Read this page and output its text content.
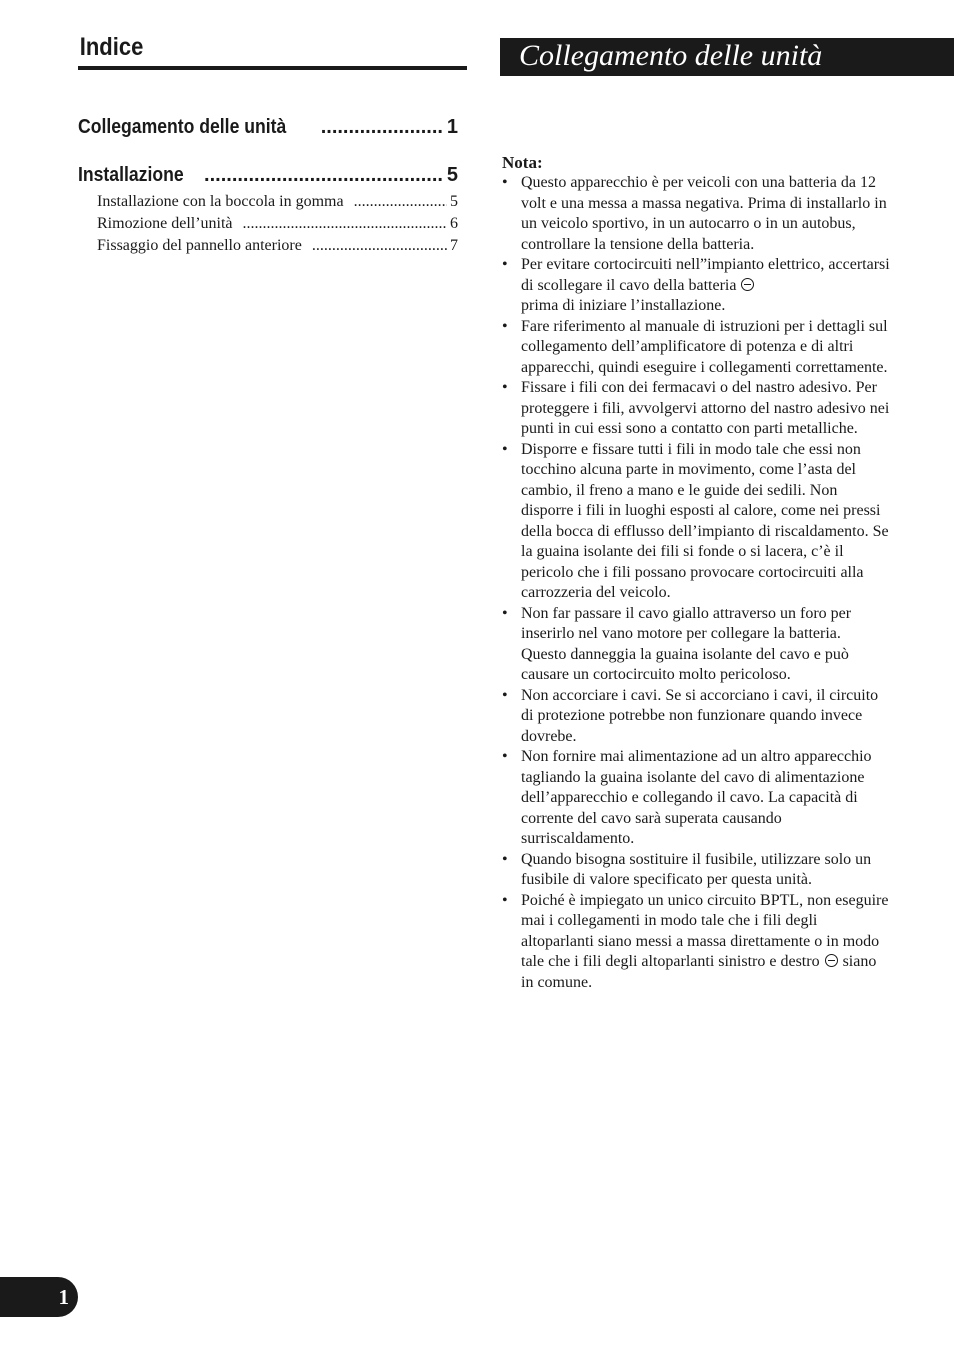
Indice
Collegamento delle unità .....	1
Installazione .....	5
Installazione con la boccola in gomma .....	5
Rimozione dell’unità .....	6
Fissaggio del pannello anteriore .....	7
Collegamento delle unità
Nota:
• Questo apparecchio è per veicoli con una batteria da 12 volt e una messa a massa negativa. Prima di installarlo in un veicolo sportivo, in un autocarro o in un autobus, controllare la tensione della batteria.
• Per evitare cortocircuiti nell”impianto elettrico, accertarsi di scollegare il cavo della batteria
prima di iniziare l’installazione.
• Fare riferimento al manuale di istruzioni per i dettagli sul collegamento dell’amplificatore di potenza e di altri apparecchi, quindi eseguire i collegamenti correttamente.
• Fissare i fili con dei fermacavi o del nastro adesivo. Per proteggere i fili, avvolgervi attorno del nastro adesivo nei punti in cui essi sono a contatto con parti metalliche.
• Disporre e fissare tutti i fili in modo tale che essi non tocchino alcuna parte in movimento, come l’asta del cambio, il freno a mano e le guide dei sedili. Non disporre i fili in luoghi esposti al calore, come nei pressi della bocca di efflusso dell’impianto di riscaldamento. Se la guaina isolante dei fili si fonde o si lacera, c’è il pericolo che i fili possano provocare cortocircuiti alla carrozzeria del veicolo.
• Non far passare il cavo giallo attraverso un foro per inserirlo nel vano motore per collegare la batteria. Questo danneggia la guaina isolante del cavo e può causare un cortocircuito molto pericoloso.
• Non accorciare i cavi. Se si accorciano i cavi, il circuito di protezione potrebbe non funzionare quando invece dovrebe.
• Non fornire mai alimentazione ad un altro apparecchio tagliando la guaina isolante del cavo di alimentazione dell’apparecchio e collegando il cavo. La capacità di corrente del cavo sarà superata causando surriscaldamento.
• Quando bisogna sostituire il fusibile, utilizzare solo un fusibile di valore specificato per questa unità.
• Poiché è impiegato un unico circuito BPTL, non eseguire mai i collegamenti in modo tale che i fili degli altoparlanti siano messi a massa direttamente o in modo tale che i fili degli altoparlanti sinistro e destro siano in comune.
1
